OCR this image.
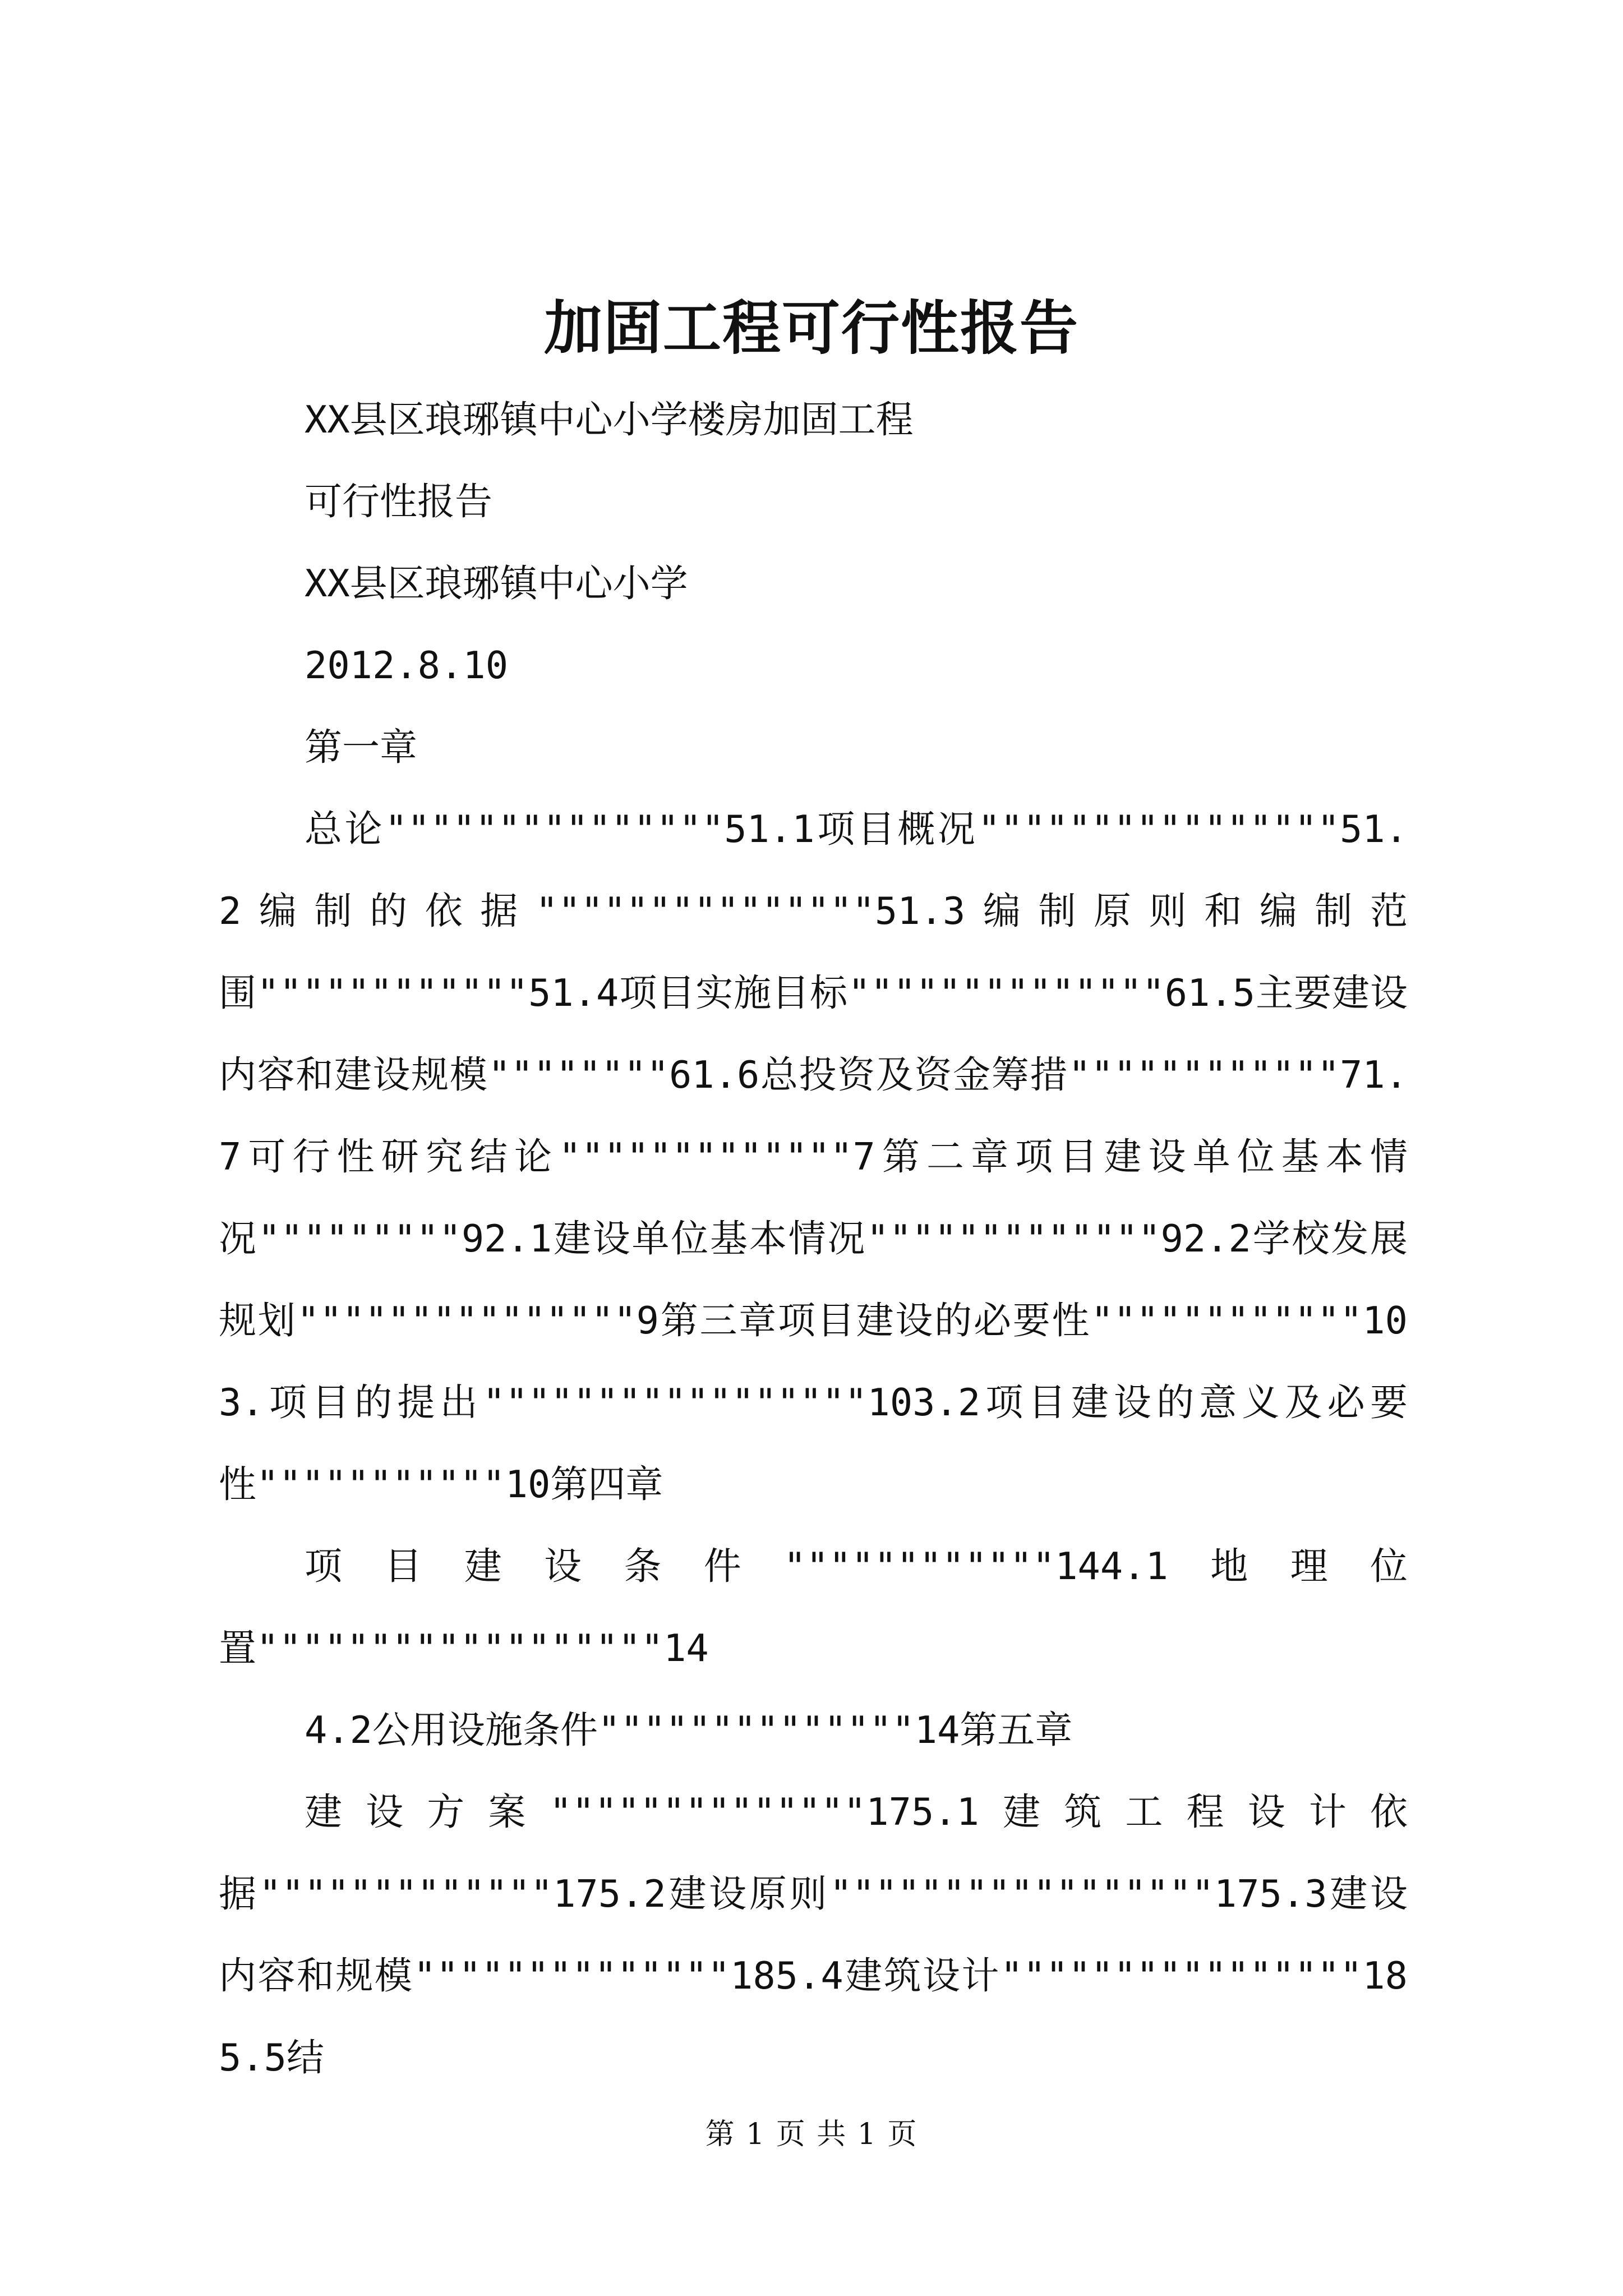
加固工程可行性报告

XX县区琅琊镇中心小学楼房加固工程

可行性报告

XX县区琅琊镇中心小学

2012.8.10

第一章

总论"""""""""""""""51.1项目概况""""""""""""""""51.2编制的依据"""""""""""""""51.3编制原则和编制范围""""""""""""51.4项目实施目标""""""""""""""61.5主要建设内容和建设规模""""""""61.6总投资及资金筹措""""""""""""71.7可行性研究结论"""""""""""""7第二章项目建设单位基本情况"""""""""92.1建设单位基本情况"""""""""""""92.2学校发展规划"""""""""""""""9第三章项目建设的必要性""""""""""""103.项目的提出"""""""""""""""""103.2项目建设的意义及必要性"""""""""""10第四章

项目建设条件""""""""""""144.1地理位置""""""""""""""""""14

4.2公用设施条件""""""""""""""14第五章

建设方案""""""""""""""175.1建筑工程设计依据"""""""""""""175.2建设原则"""""""""""""""""175.3建设内容和规模""""""""""""""185.4建筑设计""""""""""""""""185.5结

第 1 页 共 1 页
